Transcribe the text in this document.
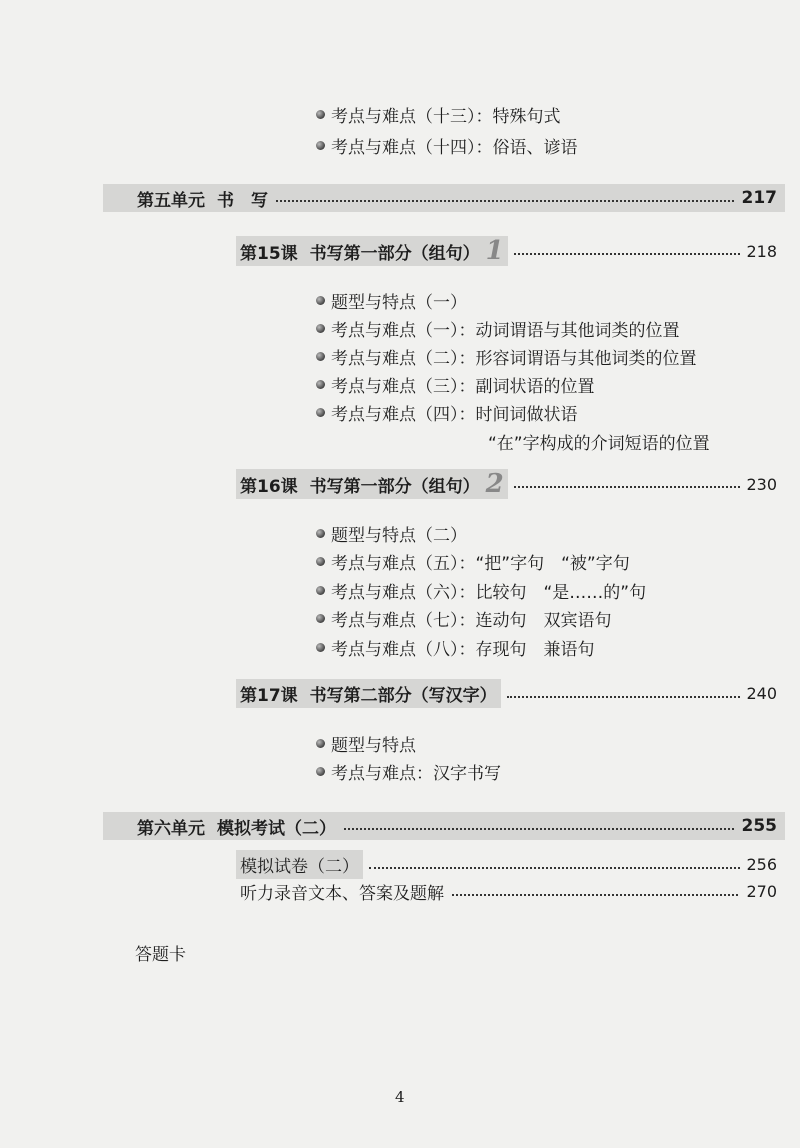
考点与难点（十三）：特殊句式
考点与难点（十四）：俗语、谚语
第五单元 书　写	217
第15课 书写第一部分（组句） 1	218
题型与特点（一）
考点与难点（一）：动词谓语与其他词类的位置
考点与难点（二）：形容词谓语与其他词类的位置
考点与难点（三）：副词状语的位置
考点与难点（四）：时间词做状语
“在”字构成的介词短语的位置
第16课 书写第一部分（组句） 2	230
题型与特点（二）
考点与难点（五）：“把”字句　“被”字句
考点与难点（六）：比较句　“是……的”句
考点与难点（七）：连动句　双宾语句
考点与难点（八）：存现句　兼语句
第17课 书写第二部分（写汉字）	240
题型与特点
考点与难点：汉字书写
第六单元 模拟考试（二）	255
模拟试卷（二）	256
听力录音文本、答案及题解	270
答题卡
4
